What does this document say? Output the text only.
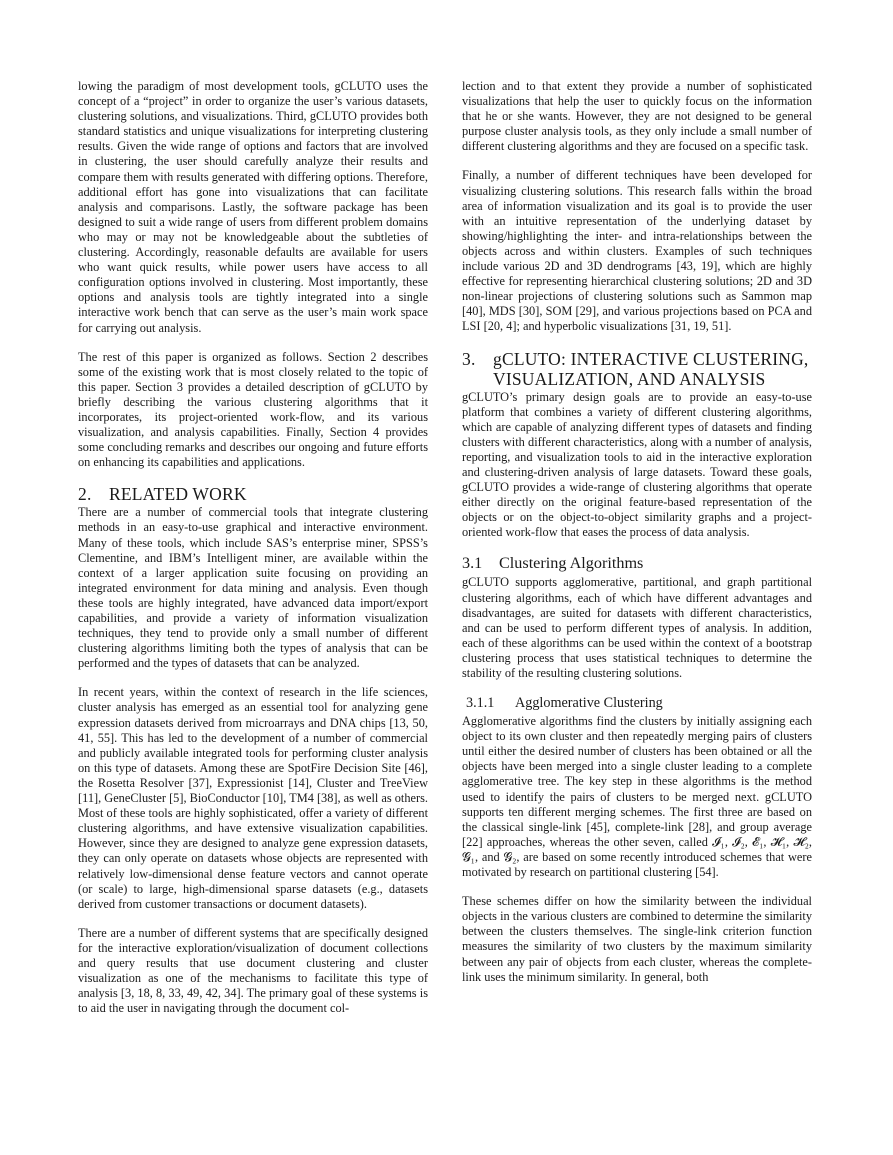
lowing the paradigm of most development tools, gCLUTO uses the concept of a “project” in order to organize the user’s various datasets, clustering solutions, and visualizations. Third, gCLUTO provides both standard statistics and unique visualizations for interpreting clustering results. Given the wide range of options and factors that are involved in clustering, the user should carefully analyze their results and compare them with results generated with differing options. Therefore, additional effort has gone into visualizations that can facilitate analysis and comparisons. Lastly, the software package has been designed to suit a wide range of users from different problem domains who may or may not be knowledgeable about the subtleties of clustering. Accordingly, reasonable defaults are available for users who want quick results, while power users have access to all configuration options involved in clustering. Most importantly, these options and analysis tools are tightly integrated into a single interactive work bench that can serve as the user’s main work space for carrying out analysis.

The rest of this paper is organized as follows. Section 2 describes some of the existing work that is most closely related to the topic of this paper. Section 3 provides a detailed description of gCLUTO by briefly describing the various clustering algorithms that it incorporates, its project-oriented work-flow, and its various visualization, and analysis capabilities. Finally, Section 4 provides some concluding remarks and describes our ongoing and future efforts on enhancing its capabilities and applications.

2. RELATED WORK

There are a number of commercial tools that integrate clustering methods in an easy-to-use graphical and interactive environment. Many of these tools, which include SAS’s enterprise miner, SPSS’s Clementine, and IBM’s Intelligent miner, are available within the context of a larger application suite focusing on providing an integrated environment for data mining and analysis. Even though these tools are highly integrated, have advanced data import/export capabilities, and provide a variety of information visualization techniques, they tend to provide only a small number of different clustering algorithms limiting both the types of analysis that can be performed and the types of datasets that can be analyzed.

In recent years, within the context of research in the life sciences, cluster analysis has emerged as an essential tool for analyzing gene expression datasets derived from microarrays and DNA chips [13, 50, 41, 55]. This has led to the development of a number of commercial and publicly available integrated tools for performing cluster analysis on this type of datasets. Among these are SpotFire Decision Site [46], the Rosetta Resolver [37], Expressionist [14], Cluster and TreeView [11], GeneCluster [5], BioConductor [10], TM4 [38], as well as others. Most of these tools are highly sophisticated, offer a variety of different clustering algorithms, and have extensive visualization capabilities. However, since they are designed to analyze gene expression datasets, they can only operate on datasets whose objects are represented with relatively low-dimensional dense feature vectors and cannot operate (or scale) to large, high-dimensional sparse datasets (e.g., datasets derived from customer transactions or document datasets).

There are a number of different systems that are specifically designed for the interactive exploration/visualization of document collections and query results that use document clustering and cluster visualization as one of the mechanisms to facilitate this type of analysis [3, 18, 8, 33, 49, 42, 34]. The primary goal of these systems is to aid the user in navigating through the document col-

lection and to that extent they provide a number of sophisticated visualizations that help the user to quickly focus on the information that he or she wants. However, they are not designed to be general purpose cluster analysis tools, as they only include a small number of different clustering algorithms and they are focused on a specific task.

Finally, a number of different techniques have been developed for visualizing clustering solutions. This research falls within the broad area of information visualization and its goal is to provide the user with an intuitive representation of the underlying dataset by showing/highlighting the inter- and intra-relationships between the objects across and within clusters. Examples of such techniques include various 2D and 3D dendrograms [43, 19], which are highly effective for representing hierarchical clustering solutions; 2D and 3D non-linear projections of clustering solutions such as Sammon map [40], MDS [30], SOM [29], and various projections based on PCA and LSI [20, 4]; and hyperbolic visualizations [31, 19, 51].

3. gCLUTO: INTERACTIVE CLUSTERING,
VISUALIZATION, AND ANALYSIS

gCLUTO’s primary design goals are to provide an easy-to-use platform that combines a variety of different clustering algorithms, which are capable of analyzing different types of datasets and finding clusters with different characteristics, along with a number of analysis, reporting, and visualization tools to aid in the interactive exploration and clustering-driven analysis of large datasets. Toward these goals, gCLUTO provides a wide-range of clustering algorithms that operate either directly on the original feature-based representation of the objects or on the object-to-object similarity graphs and a project-oriented work-flow that eases the process of data analysis.

3.1 Clustering Algorithms

gCLUTO supports agglomerative, partitional, and graph partitional clustering algorithms, each of which have different advantages and disadvantages, are suited for datasets with different characteristics, and can be used to perform different types of analysis. In addition, each of these algorithms can be used within the context of a bootstrap clustering process that uses statistical techniques to determine the stability of the resulting clustering solutions.

3.1.1 Agglomerative Clustering

Agglomerative algorithms find the clusters by initially assigning each object to its own cluster and then repeatedly merging pairs of clusters until either the desired number of clusters has been obtained or all the objects have been merged into a single cluster leading to a complete agglomerative tree. The key step in these algorithms is the method used to identify the pairs of clusters to be merged next. gCLUTO supports ten different merging schemes. The first three are based on the classical single-link [45], complete-link [28], and group average [22] approaches, whereas the other seven, called 𝓘₁, 𝓘₂, 𝓔₁, 𝓗₁, 𝓗₂, 𝓖₁, and 𝓖₂, are based on some recently introduced schemes that were motivated by research on partitional clustering [54].

These schemes differ on how the similarity between the individual objects in the various clusters are combined to determine the similarity between the clusters themselves. The single-link criterion function measures the similarity of two clusters by the maximum similarity between any pair of objects from each cluster, whereas the complete-link uses the minimum similarity. In general, both
